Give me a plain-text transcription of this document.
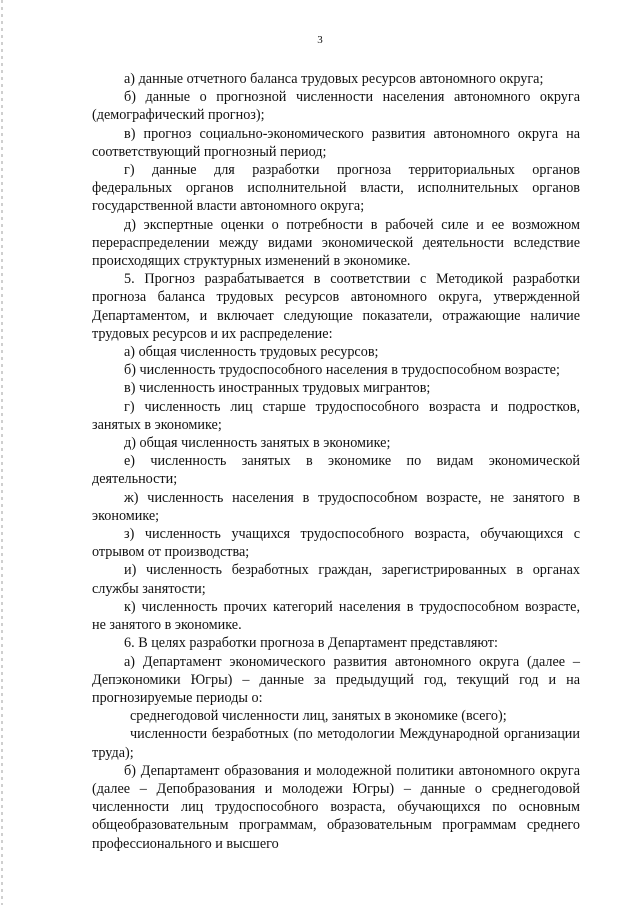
3

а) данные отчетного баланса трудовых ресурсов автономного округа;

б) данные о прогнозной численности населения автономного округа (демографический прогноз);

в) прогноз социально-экономического развития автономного округа на соответствующий прогнозный период;

г) данные для разработки прогноза территориальных органов федеральных органов исполнительной власти, исполнительных органов государственной власти автономного округа;

д) экспертные оценки о потребности в рабочей силе и ее возможном перераспределении между видами экономической деятельности вследствие происходящих структурных изменений в экономике.

5. Прогноз разрабатывается в соответствии с Методикой разработки прогноза баланса трудовых ресурсов автономного округа, утвержденной Департаментом, и включает следующие показатели, отражающие наличие трудовых ресурсов и их распределение:

а) общая численность трудовых ресурсов;

б) численность трудоспособного населения в трудоспособном возрасте;

в) численность иностранных трудовых мигрантов;

г) численность лиц старше трудоспособного возраста и подростков, занятых в экономике;

д) общая численность занятых в экономике;

е) численность занятых в экономике по видам экономической деятельности;

ж) численность населения в трудоспособном возрасте, не занятого в экономике;

з) численность учащихся трудоспособного возраста, обучающихся с отрывом от производства;

и) численность безработных граждан, зарегистрированных в органах службы занятости;

к) численность прочих категорий населения в трудоспособном возрасте, не занятого в экономике.

6. В целях разработки прогноза в Департамент представляют:

а) Департамент экономического развития автономного округа (далее – Депэкономики Югры) – данные за предыдущий год, текущий год и на прогнозируемые периоды о:

среднегодовой численности лиц, занятых в экономике (всего);

численности безработных (по методологии Международной организации труда);

б) Департамент образования и молодежной политики автономного округа (далее – Депобразования и молодежи Югры) – данные о среднегодовой численности лиц трудоспособного возраста, обучающихся по основным общеобразовательным программам, образовательным программам среднего профессионального и высшего
